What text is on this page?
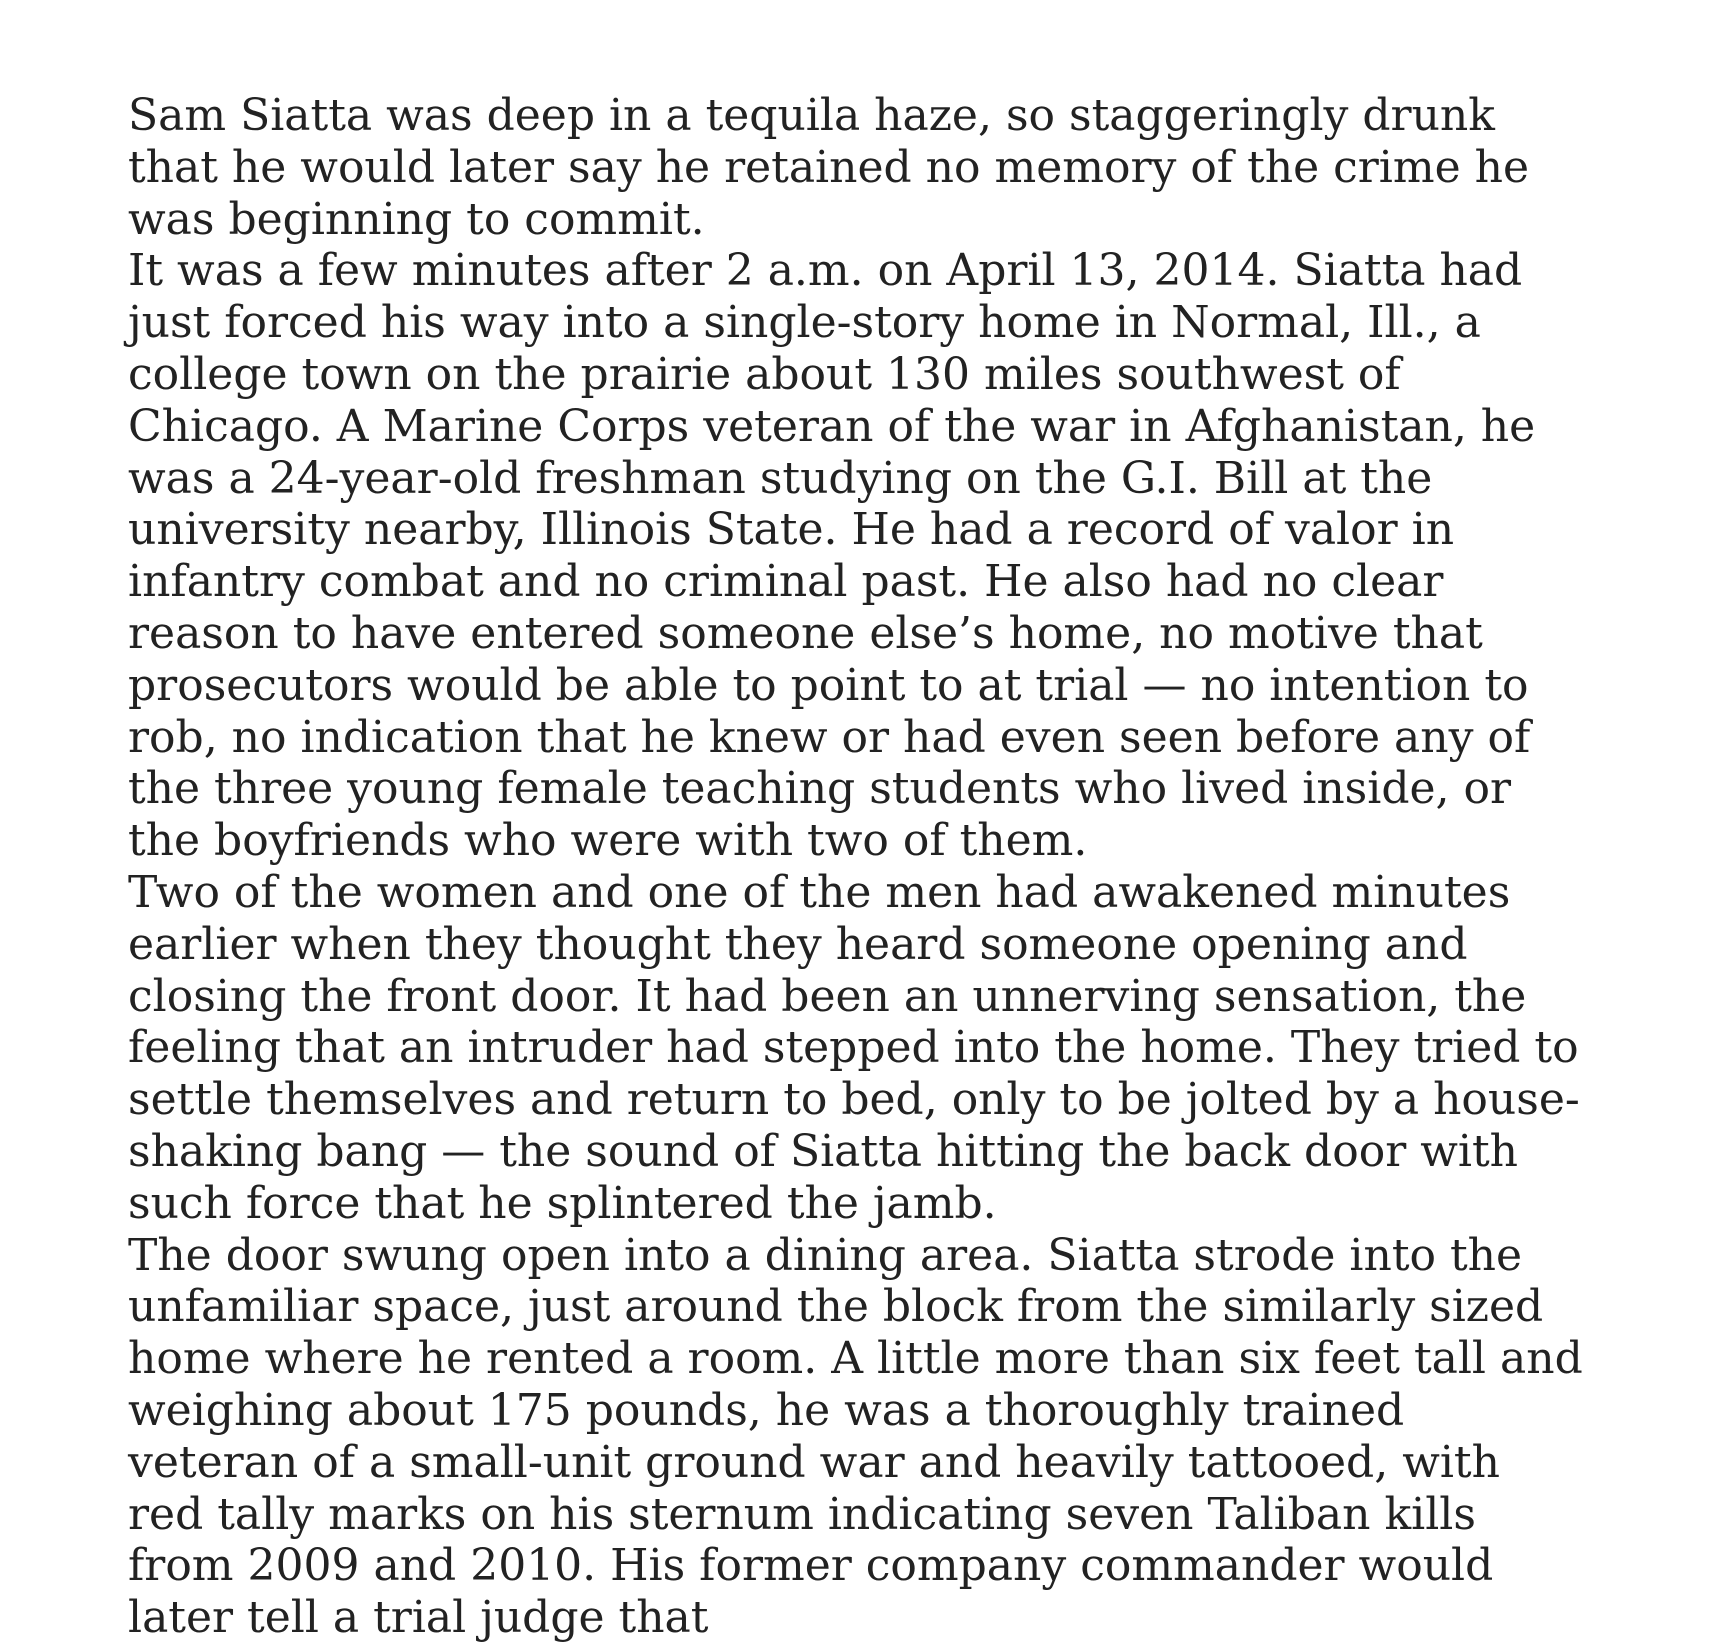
Sam Siatta was deep in a tequila haze, so staggeringly drunk that he would later say he retained no memory of the crime he was beginning to commit.

It was a few minutes after 2 a.m. on April 13, 2014. Siatta had just forced his way into a single-story home in Normal, Ill., a college town on the prairie about 130 miles southwest of Chicago. A Marine Corps veteran of the war in Afghanistan, he was a 24-year-old freshman studying on the G.I. Bill at the university nearby, Illinois State. He had a record of valor in infantry combat and no criminal past. He also had no clear reason to have entered someone else’s home, no motive that prosecutors would be able to point to at trial — no intention to rob, no indication that he knew or had even seen before any of the three young female teaching students who lived inside, or the boyfriends who were with two of them.

Two of the women and one of the men had awakened minutes earlier when they thought they heard someone opening and closing the front door. It had been an unnerving sensation, the feeling that an intruder had stepped into the home. They tried to settle themselves and return to bed, only to be jolted by a house-shaking bang — the sound of Siatta hitting the back door with such force that he splintered the jamb.

The door swung open into a dining area. Siatta strode into the unfamiliar space, just around the block from the similarly sized home where he rented a room. A little more than six feet tall and weighing about 175 pounds, he was a thoroughly trained veteran of a small-unit ground war and heavily tattooed, with red tally marks on his sternum indicating seven Taliban kills from 2009 and 2010. His former company commander would later tell a trial judge that
